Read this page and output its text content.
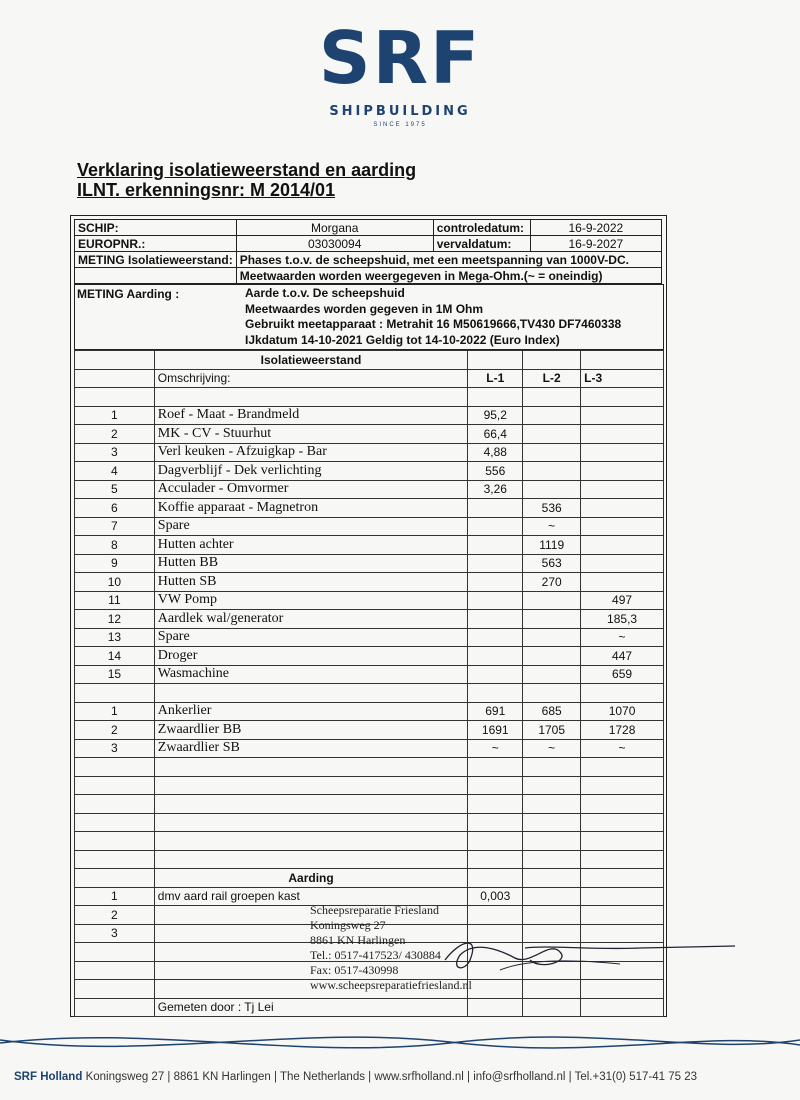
SRF
SHIPBUILDING
SINCE 1975
Verklaring isolatieweerstand en aarding
ILNT. erkenningsnr: M 2014/01
SCHIP:	Morgana	controledatum:	16-9-2022
EUROPNR.:	03030094	vervaldatum:	16-9-2027
METING Isolatieweerstand:	Phases t.o.v. de scheepshuid, met een meetspanning van 1000V-DC.		
	Meetwaarden worden weergegeven in Mega-Ohm.(~ = oneindig)		
METING Aarding :	Aarde t.o.v. De scheepshuid
Meetwaardes worden gegeven in 1M Ohm
Gebruikt meetapparaat : Metrahit 16 M50619666,TV430 DF7460338
IJkdatum 14-10-2021 Geldig tot 14-10-2022 (Euro Index)
	Isolatieweerstand			
	Omschrijving:	L-1	L-2	L-3

1	Roef - Maat - Brandmeld	95,2		
2	MK - CV - Stuurhut	66,4		
3	Verl keuken - Afzuigkap - Bar	4,88		
4	Dagverblijf - Dek verlichting	556		
5	Acculader - Omvormer	3,26		
6	Koffie apparaat - Magnetron		536	
7	Spare		~	
8	Hutten achter		1119	
9	Hutten BB		563	
10	Hutten SB		270	
11	VW Pomp			497
12	Aardlek wal/generator			185,3
13	Spare			~
14	Droger			447
15	Wasmachine			659

1	Ankerlier	691	685	1070
2	Zwaardlier BB	1691	1705	1728
3	Zwaardlier SB	~	~	~

	Aarding			
1	dmv aard rail groepen kast	0,003		
2				
3				

	Gemeten door : Tj Lei			
Scheepsreparatie Friesland
Koningsweg 27
8861 KN Harlingen
Tel.: 0517-417523/ 430884
Fax: 0517-430998
www.scheepsreparatiefriesland.nl
SRF Holland Koningsweg 27 | 8861 KN Harlingen | The Netherlands | www.srfholland.nl | info@srfholland.nl | Tel.+31(0) 517-41 75 23
